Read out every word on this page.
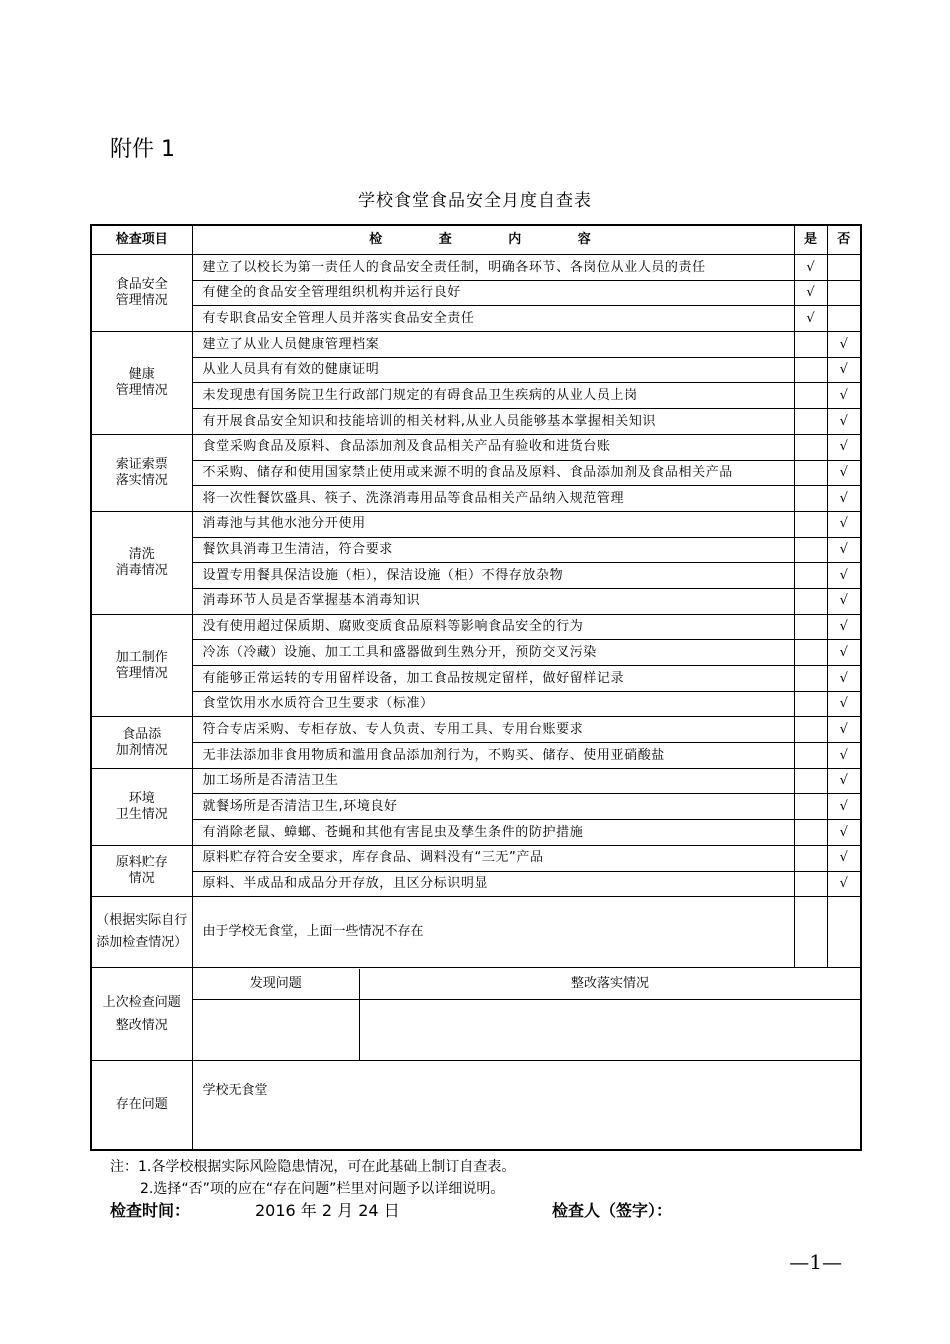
附件 1
学校食堂食品安全月度自查表
检查项目	检 查 内 容	是	否
食品安全
管理情况	建立了以校长为第一责任人的食品安全责任制，明确各环节、各岗位从业人员的责任	√	
有健全的食品安全管理组织机构并运行良好	√	
有专职食品安全管理人员并落实食品安全责任	√	
健康
管理情况	建立了从业人员健康管理档案		√
从业人员具有有效的健康证明		√
未发现患有国务院卫生行政部门规定的有碍食品卫生疾病的从业人员上岗		√
有开展食品安全知识和技能培训的相关材料,从业人员能够基本掌握相关知识		√
索证索票
落实情况	食堂采购食品及原料、食品添加剂及食品相关产品有验收和进货台账		√
不采购、储存和使用国家禁止使用或来源不明的食品及原料、食品添加剂及食品相关产品		√
将一次性餐饮盛具、筷子、洗涤消毒用品等食品相关产品纳入规范管理		√
清洗
消毒情况	消毒池与其他水池分开使用		√
餐饮具消毒卫生清洁，符合要求		√
设置专用餐具保洁设施（柜），保洁设施（柜）不得存放杂物		√
消毒环节人员是否掌握基本消毒知识		√
加工制作
管理情况	没有使用超过保质期、腐败变质食品原料等影响食品安全的行为		√
冷冻（冷藏）设施、加工工具和盛器做到生熟分开，预防交叉污染		√
有能够正常运转的专用留样设备，加工食品按规定留样，做好留样记录		√
食堂饮用水水质符合卫生要求（标准）		√
食品添
加剂情况	符合专店采购、专柜存放、专人负责、专用工具、专用台账要求		√
无非法添加非食用物质和滥用食品添加剂行为，不购买、储存、使用亚硝酸盐		√
环境
卫生情况	加工场所是否清洁卫生		√
就餐场所是否清洁卫生,环境良好		√
有消除老鼠、蟑螂、苍蝇和其他有害昆虫及孳生条件的防护措施		√
原料贮存
情况	原料贮存符合安全要求，库存食品、调料没有“三无”产品		√
原料、半成品和成品分开存放，且区分标识明显		√
（根据实际自行添加检查情况）	由于学校无食堂，上面一些情况不存在		
上次检查问题整改情况	
发现问题	整改落实情况

存在问题	学校无食堂
注：1.各学校根据实际风险隐患情况，可在此基础上制订自查表。
2.选择“否”项的应在“存在问题”栏里对问题予以详细说明。
检查时间：	2016 年 2 月 24 日	检查人（签字）：
—1—
